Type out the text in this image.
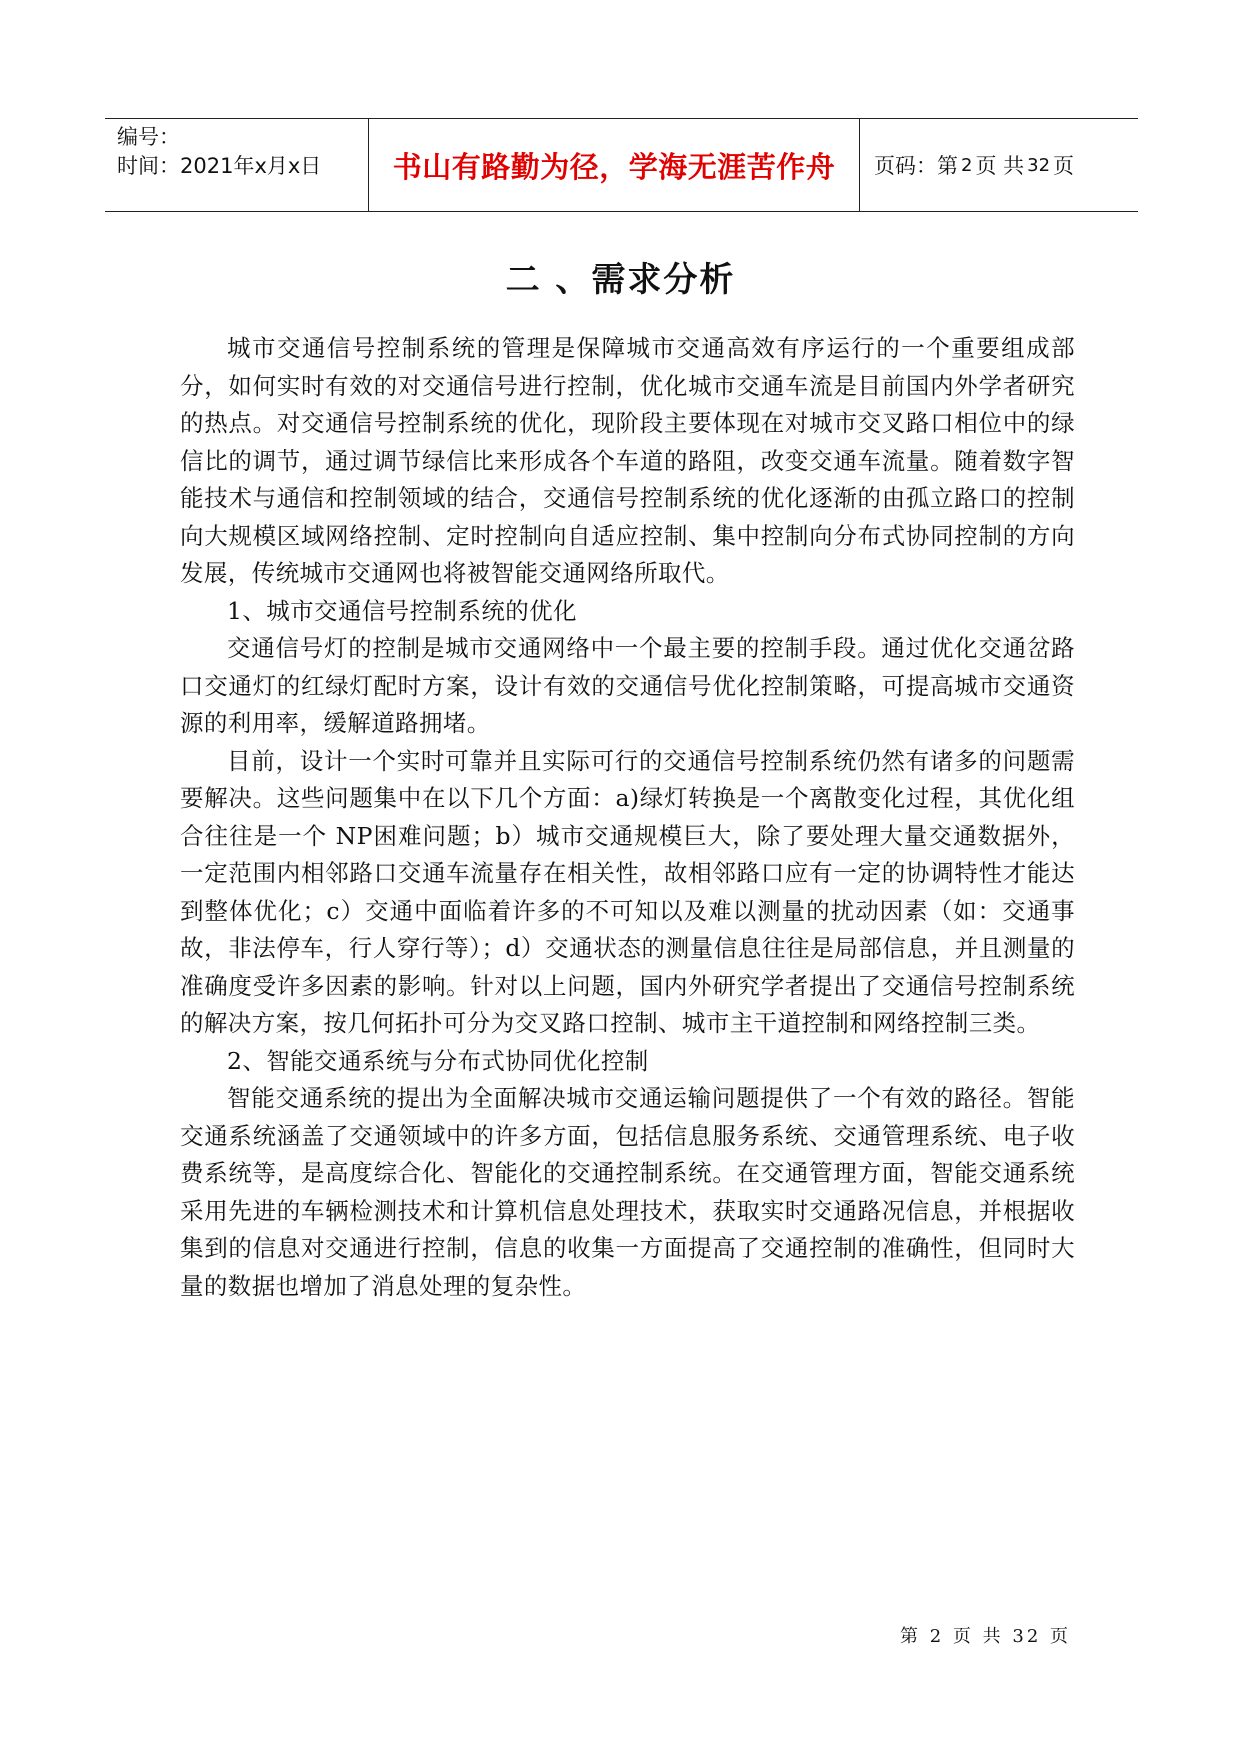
编号：
时间：2021年x月x日	书山有路勤为径，学海无涯苦作舟	页码：第 2 页 共 32 页
二 、需求分析

城市交通信号控制系统的管理是保障城市交通高效有序运行的一个重要组成部分，如何实时有效的对交通信号进行控制，优化城市交通车流是目前国内外学者研究的热点。对交通信号控制系统的优化，现阶段主要体现在对城市交叉路口相位中的绿信比的调节，通过调节绿信比来形成各个车道的路阻，改变交通车流量。随着数字智能技术与通信和控制领域的结合，交通信号控制系统的优化逐渐的由孤立路口的控制向大规模区域网络控制、定时控制向自适应控制、集中控制向分布式协同控制的方向发展，传统城市交通网也将被智能交通网络所取代。

1、城市交通信号控制系统的优化

交通信号灯的控制是城市交通网络中一个最主要的控制手段。通过优化交通岔路口交通灯的红绿灯配时方案，设计有效的交通信号优化控制策略，可提高城市交通资源的利用率，缓解道路拥堵。

目前，设计一个实时可靠并且实际可行的交通信号控制系统仍然有诸多的问题需要解决。这些问题集中在以下几个方面：a)绿灯转换是一个离散变化过程，其优化组合往往是一个 NP困难问题；b）城市交通规模巨大，除了要处理大量交通数据外，一定范围内相邻路口交通车流量存在相关性，故相邻路口应有一定的协调特性才能达到整体优化；c）交通中面临着许多的不可知以及难以测量的扰动因素（如：交通事故，非法停车，行人穿行等）；d）交通状态的测量信息往往是局部信息，并且测量的准确度受许多因素的影响。针对以上问题，国内外研究学者提出了交通信号控制系统的解决方案，按几何拓扑可分为交叉路口控制、城市主干道控制和网络控制三类。

2、智能交通系统与分布式协同优化控制

智能交通系统的提出为全面解决城市交通运输问题提供了一个有效的路径。智能交通系统涵盖了交通领域中的许多方面，包括信息服务系统、交通管理系统、电子收费系统等，是高度综合化、智能化的交通控制系统。在交通管理方面，智能交通系统采用先进的车辆检测技术和计算机信息处理技术，获取实时交通路况信息，并根据收集到的信息对交通进行控制，信息的收集一方面提高了交通控制的准确性，但同时大量的数据也增加了消息处理的复杂性。

第 2 页 共 32 页
